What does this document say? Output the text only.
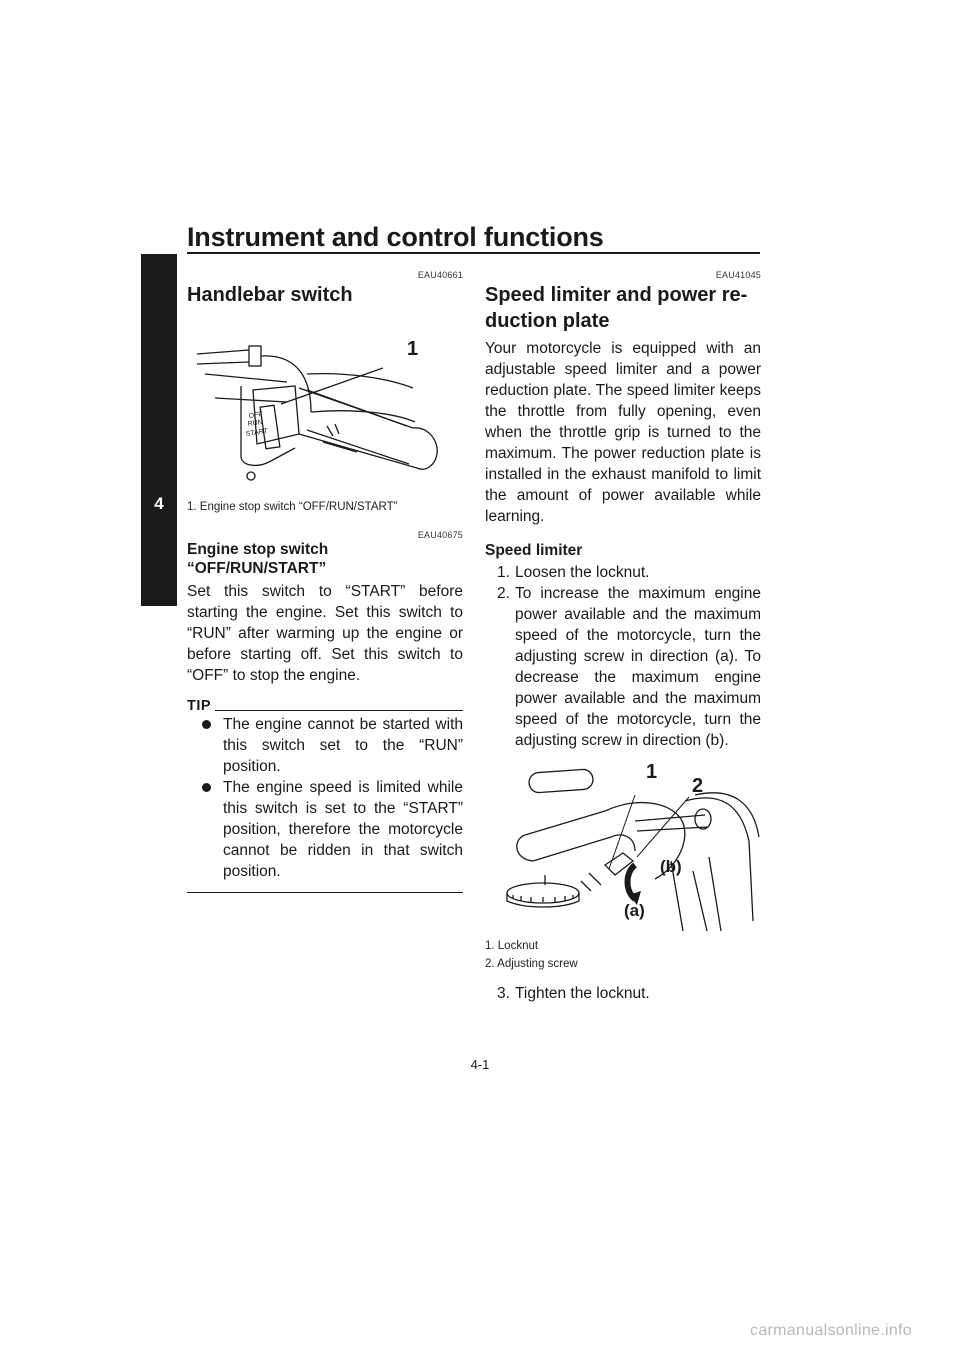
Instrument and control functions
4
EAU40661
Handlebar switch
OFF
RUN
START
1
1. Engine stop switch “OFF/RUN/START”
EAU40675
Engine stop switch
“OFF/RUN/START”

Set this switch to “START” before starting the engine. Set this switch to “RUN” after warming up the engine or before starting off. Set this switch to “OFF” to stop the engine.

TIP
The engine cannot be started with this switch set to the “RUN” position.
The engine speed is limited while this switch is set to the “START” position, therefore the motorcycle cannot be ridden in that switch position.
EAU41045
Speed limiter and power re-
duction plate

Your motorcycle is equipped with an adjustable speed limiter and a power reduction plate. The speed limiter keeps the throttle from fully opening, even when the throttle grip is turned to the maximum. The power reduction plate is installed in the exhaust manifold to limit the amount of power available while learning.

Speed limiter
1. Loosen the locknut.
2. To increase the maximum engine power available and the maximum speed of the motorcycle, turn the adjusting screw in direction (a). To decrease the maximum engine power available and the maximum speed of the motorcycle, turn the adjusting screw in direction (b).
1
2
(b)
(a)
1. Locknut
2. Adjusting screw
3. Tighten the locknut.
4-1
carmanualsonline.info
